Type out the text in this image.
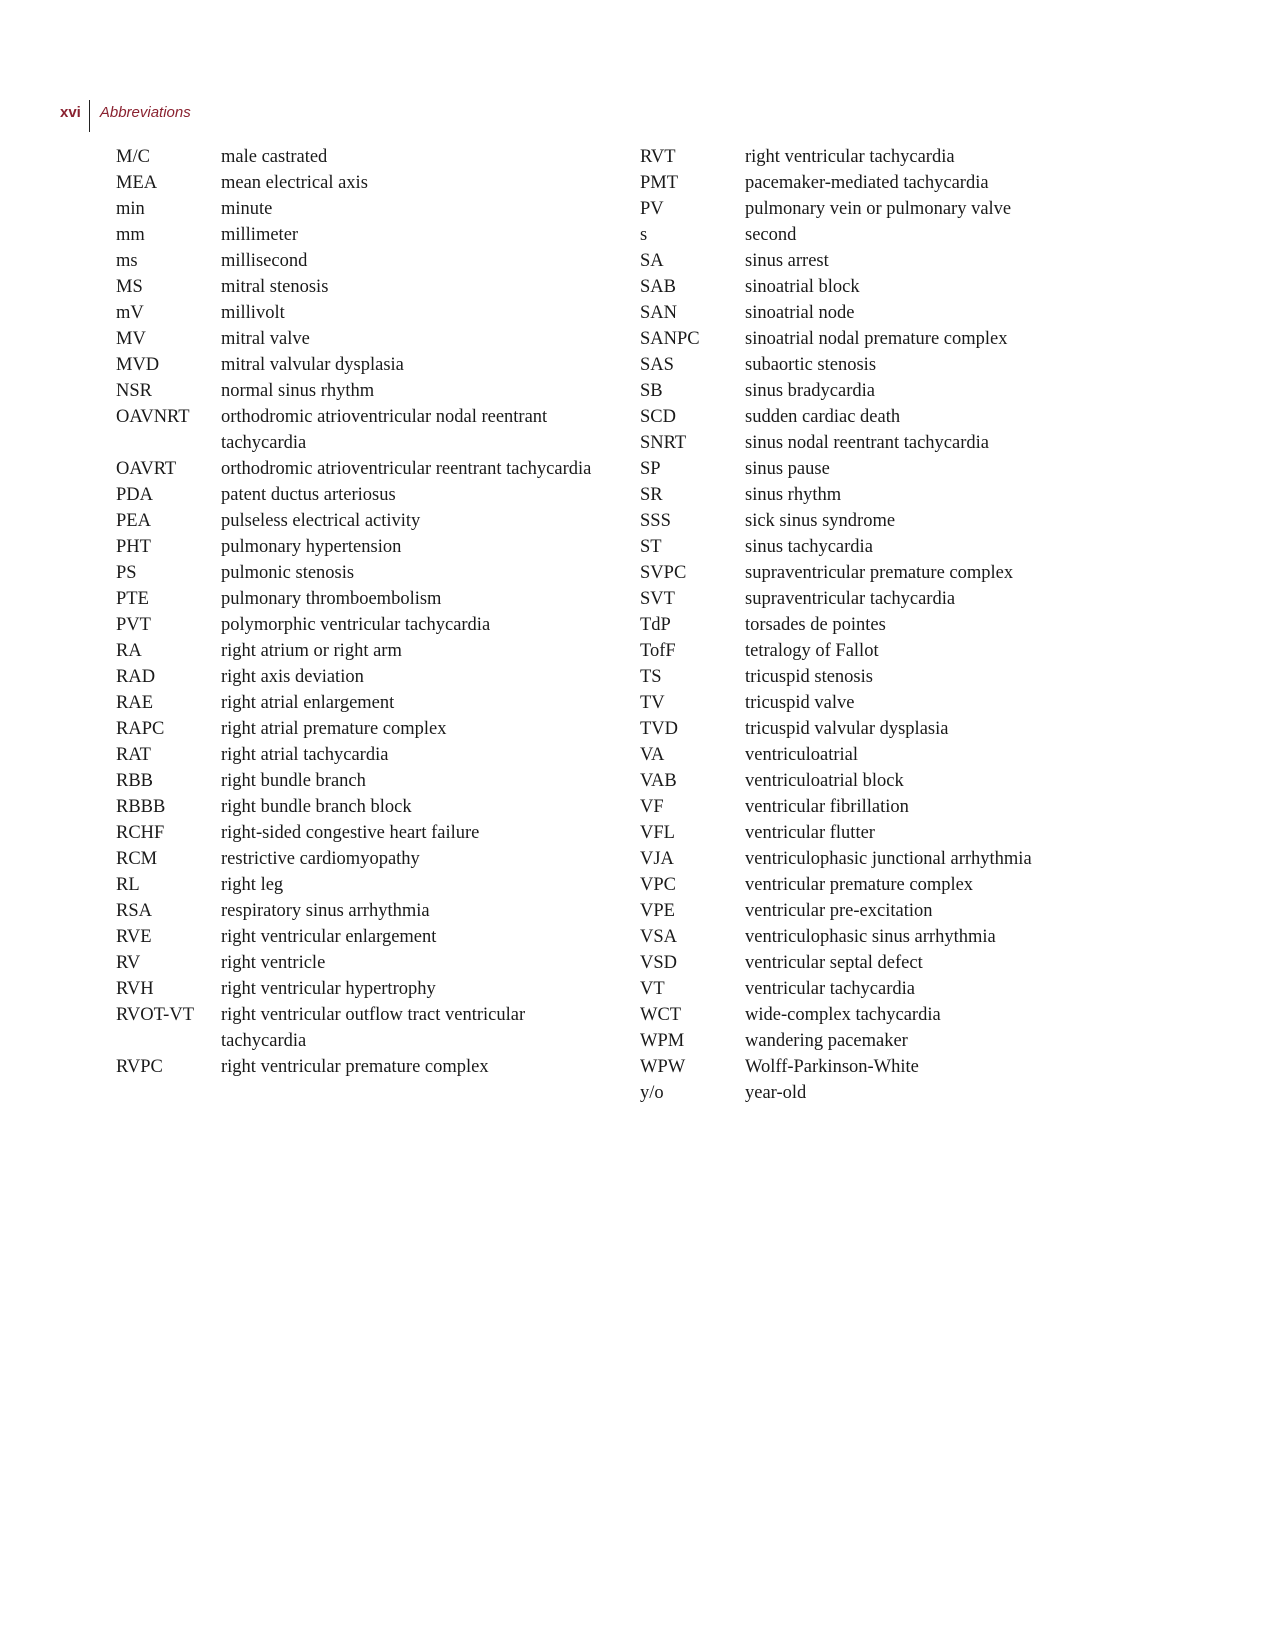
xvi	Abbreviations
M/C	male castrated
MEA	mean electrical axis
min	minute
mm	millimeter
ms	millisecond
MS	mitral stenosis
mV	millivolt
MV	mitral valve
MVD	mitral valvular dysplasia
NSR	normal sinus rhythm
OAVNRT	orthodromic atrioventricular nodal reentrant tachycardia
OAVRT	orthodromic atrioventricular reentrant tachycardia
PDA	patent ductus arteriosus
PEA	pulseless electrical activity
PHT	pulmonary hypertension
PS	pulmonic stenosis
PTE	pulmonary thromboembolism
PVT	polymorphic ventricular tachycardia
RA	right atrium or right arm
RAD	right axis deviation
RAE	right atrial enlargement
RAPC	right atrial premature complex
RAT	right atrial tachycardia
RBB	right bundle branch
RBBB	right bundle branch block
RCHF	right-sided congestive heart failure
RCM	restrictive cardiomyopathy
RL	right leg
RSA	respiratory sinus arrhythmia
RVE	right ventricular enlargement
RV	right ventricle
RVH	right ventricular hypertrophy
RVOT-VT	right ventricular outflow tract ventricular tachycardia
RVPC	right ventricular premature complex
RVT	right ventricular tachycardia
PMT	pacemaker-mediated tachycardia
PV	pulmonary vein or pulmonary valve
s	second
SA	sinus arrest
SAB	sinoatrial block
SAN	sinoatrial node
SANPC	sinoatrial nodal premature complex
SAS	subaortic stenosis
SB	sinus bradycardia
SCD	sudden cardiac death
SNRT	sinus nodal reentrant tachycardia
SP	sinus pause
SR	sinus rhythm
SSS	sick sinus syndrome
ST	sinus tachycardia
SVPC	supraventricular premature complex
SVT	supraventricular tachycardia
TdP	torsades de pointes
TofF	tetralogy of Fallot
TS	tricuspid stenosis
TV	tricuspid valve
TVD	tricuspid valvular dysplasia
VA	ventriculoatrial
VAB	ventriculoatrial block
VF	ventricular fibrillation
VFL	ventricular flutter
VJA	ventriculophasic junctional arrhythmia
VPC	ventricular premature complex
VPE	ventricular pre-excitation
VSA	ventriculophasic sinus arrhythmia
VSD	ventricular septal defect
VT	ventricular tachycardia
WCT	wide-complex tachycardia
WPM	wandering pacemaker
WPW	Wolff-Parkinson-White
y/o	year-old
